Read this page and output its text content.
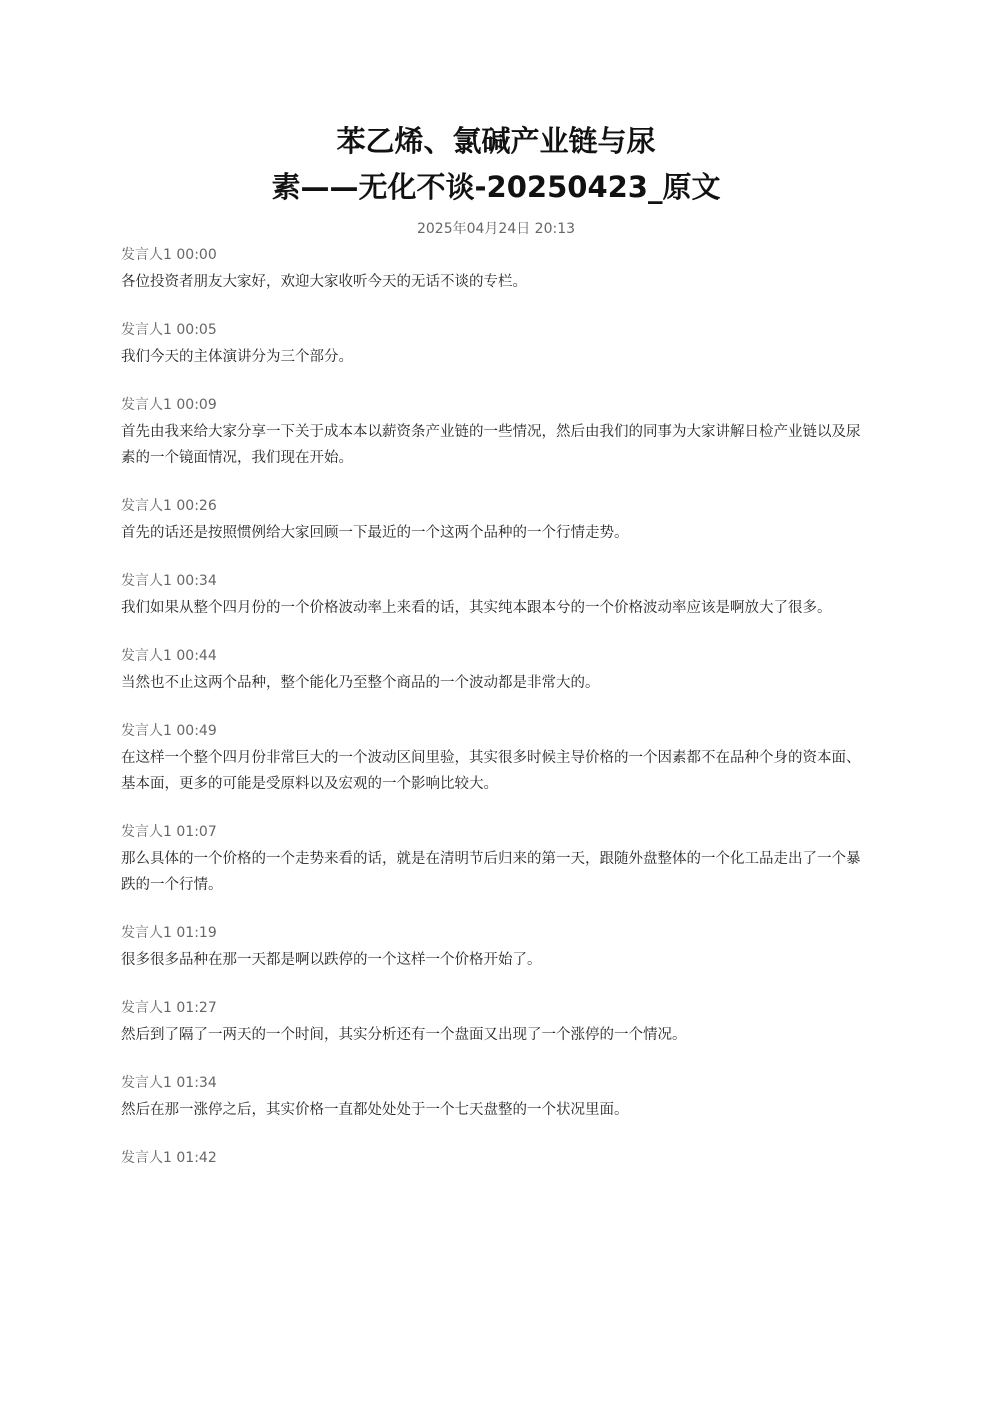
苯乙烯、氯碱产业链与尿
素——无化不谈-20250423_原文
2025年04月24日 20:13
发言人1 00:00
各位投资者朋友大家好，欢迎大家收听今天的无话不谈的专栏。
发言人1 00:05
我们今天的主体演讲分为三个部分。
发言人1 00:09
首先由我来给大家分享一下关于成本本以薪资条产业链的一些情况，然后由我们的同事为大家讲解日检产业链以及尿素的一个镜面情况，我们现在开始。
发言人1 00:26
首先的话还是按照惯例给大家回顾一下最近的一个这两个品种的一个行情走势。
发言人1 00:34
我们如果从整个四月份的一个价格波动率上来看的话，其实纯本跟本兮的一个价格波动率应该是啊放大了很多。
发言人1 00:44
当然也不止这两个品种，整个能化乃至整个商品的一个波动都是非常大的。
发言人1 00:49
在这样一个整个四月份非常巨大的一个波动区间里验，其实很多时候主导价格的一个因素都不在品种个身的资本面、基本面，更多的可能是受原料以及宏观的一个影响比较大。
发言人1 01:07
那么具体的一个价格的一个走势来看的话，就是在清明节后归来的第一天，跟随外盘整体的一个化工品走出了一个暴跌的一个行情。
发言人1 01:19
很多很多品种在那一天都是啊以跌停的一个这样一个价格开始了。
发言人1 01:27
然后到了隔了一两天的一个时间，其实分析还有一个盘面又出现了一个涨停的一个情况。
发言人1 01:34
然后在那一涨停之后，其实价格一直都处处处于一个七天盘整的一个状况里面。
发言人1 01:42
